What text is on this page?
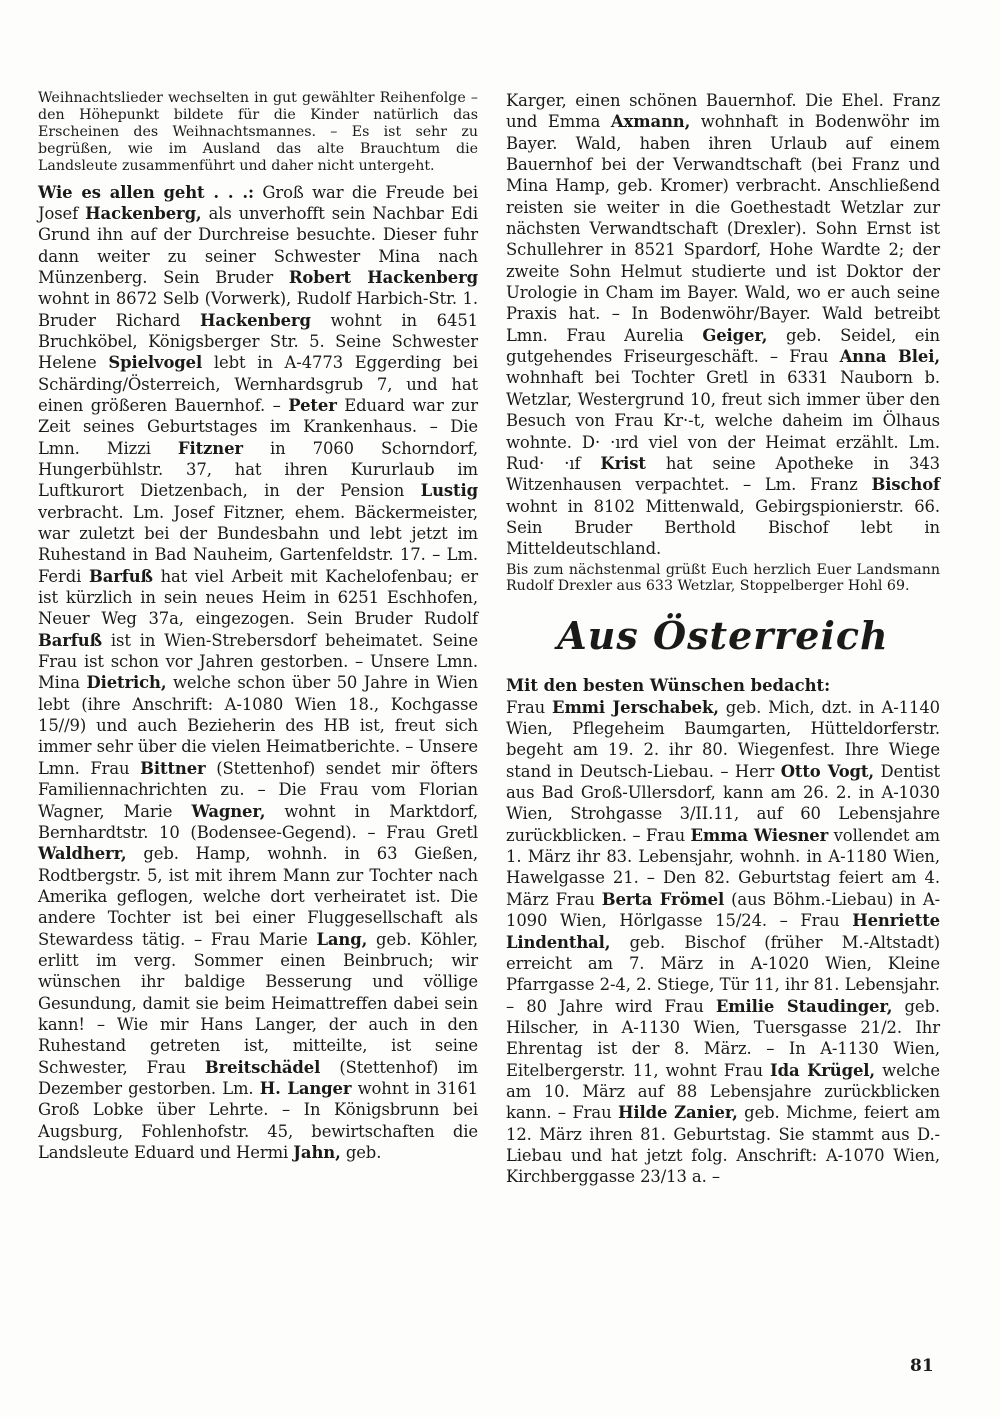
Weihnachtslieder wechselten in gut gewählter Reihenfolge – den Höhepunkt bildete für die Kinder natürlich das Erscheinen des Weihnachtsmannes. – Es ist sehr zu begrüßen, wie im Ausland das alte Brauchtum die Landsleute zusammenführt und daher nicht untergeht.

Wie es allen geht . . .: Groß war die Freude bei Josef Hackenberg, als unverhofft sein Nachbar Edi Grund ihn auf der Durchreise besuchte. Dieser fuhr dann weiter zu seiner Schwester Mina nach Münzenberg. Sein Bruder Robert Hackenberg wohnt in 8672 Selb (Vorwerk), Rudolf Harbich-Str. 1. Bruder Richard Hackenberg wohnt in 6451 Bruchköbel, Königsberger Str. 5. Seine Schwester Helene Spielvogel lebt in A-4773 Eggerding bei Schärding/Österreich, Wernhardsgrub 7, und hat einen größeren Bauernhof. – Peter Eduard war zur Zeit seines Geburtstages im Krankenhaus. – Die Lmn. Mizzi Fitzner in 7060 Schorndorf, Hungerbühlstr. 37, hat ihren Kururlaub im Luftkurort Dietzenbach, in der Pension Lustig verbracht. Lm. Josef Fitzner, ehem. Bäckermeister, war zuletzt bei der Bundesbahn und lebt jetzt im Ruhestand in Bad Nauheim, Gartenfeldstr. 17. – Lm. Ferdi Barfuß hat viel Arbeit mit Kachelofenbau; er ist kürzlich in sein neues Heim in 6251 Eschhofen, Neuer Weg 37a, eingezogen. Sein Bruder Rudolf Barfuß ist in Wien-Strebersdorf beheimatet. Seine Frau ist schon vor Jahren gestorben. – Unsere Lmn. Mina Dietrich, welche schon über 50 Jahre in Wien lebt (ihre Anschrift: A-1080 Wien 18., Kochgasse 15//9) und auch Bezieherin des HB ist, freut sich immer sehr über die vielen Heimatberichte. – Unsere Lmn. Frau Bittner (Stettenhof) sendet mir öfters Familiennachrichten zu. – Die Frau vom Florian Wagner, Marie Wagner, wohnt in Marktdorf, Bernhardtstr. 10 (Bodensee-Gegend). – Frau Gretl Waldherr, geb. Hamp, wohnh. in 63 Gießen, Rodtbergstr. 5, ist mit ihrem Mann zur Tochter nach Amerika geflogen, welche dort verheiratet ist. Die andere Tochter ist bei einer Fluggesellschaft als Stewardess tätig. – Frau Marie Lang, geb. Köhler, erlitt im verg. Sommer einen Beinbruch; wir wünschen ihr baldige Besserung und völlige Gesundung, damit sie beim Heimattreffen dabei sein kann! – Wie mir Hans Langer, der auch in den Ruhestand getreten ist, mitteilte, ist seine Schwester, Frau Breitschädel (Stettenhof) im Dezember gestorben. Lm. H. Langer wohnt in 3161 Groß Lobke über Lehrte. – In Königsbrunn bei Augsburg, Fohlenhofstr. 45, bewirtschaften die Landsleute Eduard und Hermi Jahn, geb.

Karger, einen schönen Bauernhof. Die Ehel. Franz und Emma Axmann, wohnhaft in Bodenwöhr im Bayer. Wald, haben ihren Urlaub auf einem Bauernhof bei der Verwandtschaft (bei Franz und Mina Hamp, geb. Kromer) verbracht. Anschließend reisten sie weiter in die Goethestadt Wetzlar zur nächsten Verwandtschaft (Drexler). Sohn Ernst ist Schullehrer in 8521 Spardorf, Hohe Wardte 2; der zweite Sohn Helmut studierte und ist Doktor der Urologie in Cham im Bayer. Wald, wo er auch seine Praxis hat. – In Bodenwöhr/Bayer. Wald betreibt Lmn. Frau Aurelia Geiger, geb. Seidel, ein gutgehendes Friseurgeschäft. – Frau Anna Blei, wohnhaft bei Tochter Gretl in 6331 Nauborn b. Wetzlar, Westergrund 10, freut sich immer über den Besuch von Frau Kr·-t, welche daheim im Ölhaus wohnte. D· ·ırd viel von der Heimat erzählt. Lm. Rud· ·ıf Krist hat seine Apotheke in 343 Witzenhausen verpachtet. – Lm. Franz Bischof wohnt in 8102 Mittenwald, Gebirgspionierstr. 66. Sein Bruder Berthold Bischof lebt in Mitteldeutschland.

Bis zum nächstenmal grüßt Euch herzlich Euer Landsmann Rudolf Drexler aus 633 Wetzlar, Stoppelberger Hohl 69.

Aus Österreich

Mit den besten Wünschen bedacht:

Frau Emmi Jerschabek, geb. Mich, dzt. in A-1140 Wien, Pflegeheim Baumgarten, Hütteldorferstr. begeht am 19. 2. ihr 80. Wiegenfest. Ihre Wiege stand in Deutsch-Liebau. – Herr Otto Vogt, Dentist aus Bad Groß-Ullersdorf, kann am 26. 2. in A-1030 Wien, Strohgasse 3/II.11, auf 60 Lebensjahre zurückblicken. – Frau Emma Wiesner vollendet am 1. März ihr 83. Lebensjahr, wohnh. in A-1180 Wien, Hawelgasse 21. – Den 82. Geburtstag feiert am 4. März Frau Berta Frömel (aus Böhm.-Liebau) in A-1090 Wien, Hörlgasse 15/24. – Frau Henriette Lindenthal, geb. Bischof (früher M.-Altstadt) erreicht am 7. März in A-1020 Wien, Kleine Pfarrgasse 2-4, 2. Stiege, Tür 11, ihr 81. Lebensjahr. – 80 Jahre wird Frau Emilie Staudinger, geb. Hilscher, in A-1130 Wien, Tuersgasse 21/2. Ihr Ehrentag ist der 8. März. – In A-1130 Wien, Eitelbergerstr. 11, wohnt Frau Ida Krügel, welche am 10. März auf 88 Lebensjahre zurückblicken kann. – Frau Hilde Zanier, geb. Michme, feiert am 12. März ihren 81. Geburtstag. Sie stammt aus D.-Liebau und hat jetzt folg. Anschrift: A-1070 Wien, Kirchberggasse 23/13 a. –

81
